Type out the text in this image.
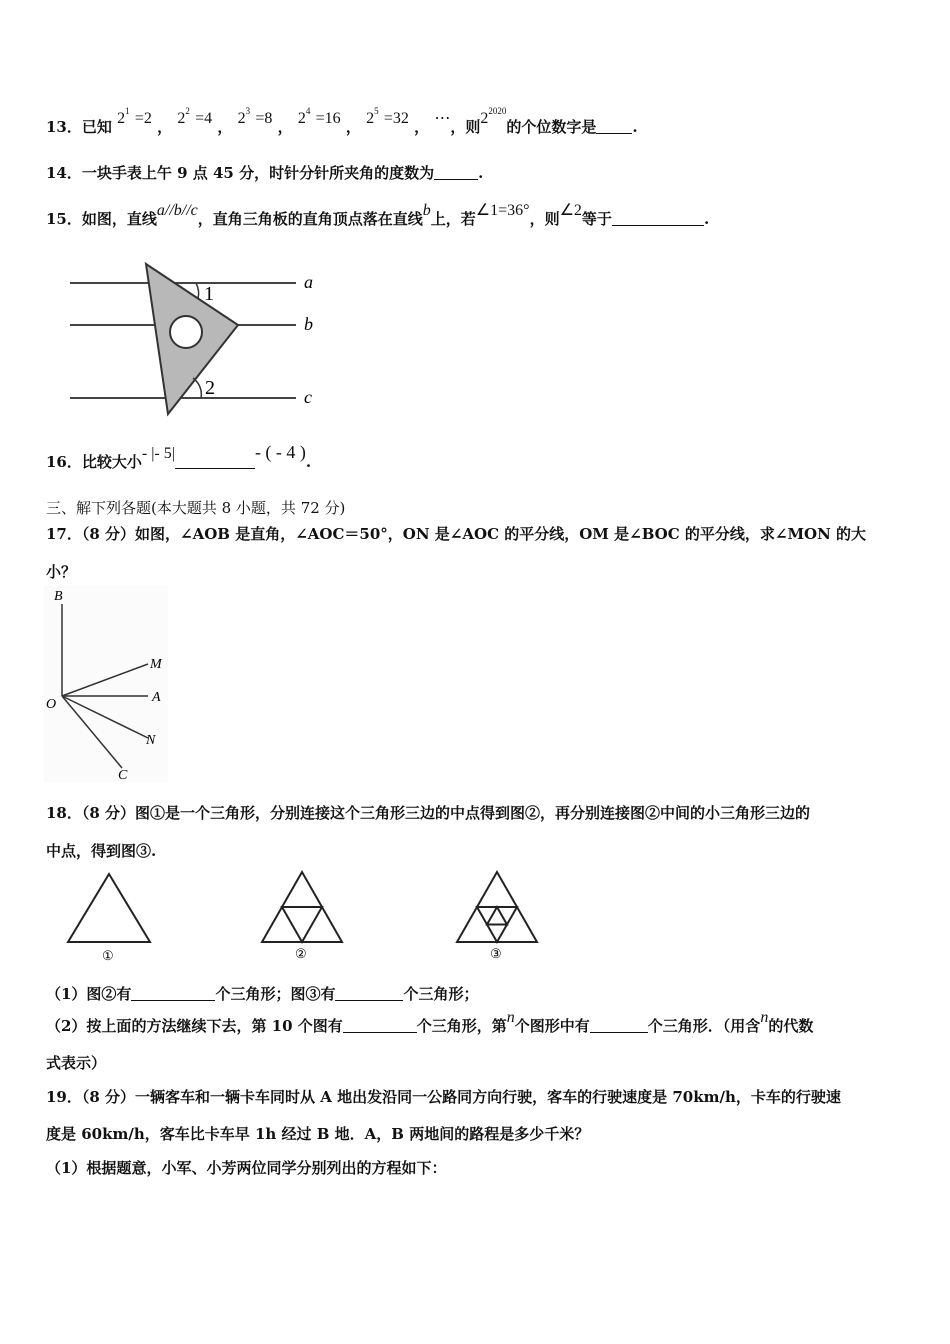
13．已知 $2^1 =2$ ， $2^2 =4$ ， $2^3 =8$ ， $2^4 =16$ ， $2^5 =32$ ， ⋯，则$2^{2020}$的个位数字是 .
14．一块手表上午 9 点 45 分，时针分针所夹角的度数为	.
15．如图，直线a//b//c，直角三角板的直角顶点落在直线b上，若∠1=36°，则∠2等于	.
1
2
a
b
c
16．比较大小- |- 5|	- ( - 4 ).
三、解下列各题(本大题共 8 小题，共 72 分)
17．（8 分）如图，∠AOB 是直角，∠AOC＝50°，ON 是∠AOC 的平分线，OM 是∠BOC 的平分线，求∠MON 的大
小？
B
M
A
O
N
C
18．（8 分）图①是一个三角形，分别连接这个三角形三边的中点得到图②，再分别连接图②中间的小三角形三边的
中点，得到图③.
①	②	③
（1）图②有	个三角形；图③有	个三角形；
（2）按上面的方法继续下去，第 10 个图有	个三角形，第n个图形中有	个三角形．（用含n的代数
式表示）
19．（8 分）一辆客车和一辆卡车同时从 A 地出发沿同一公路同方向行驶，客车的行驶速度是 70km/h，卡车的行驶速
度是 60km/h，客车比卡车早 1h 经过 B 地．A，B 两地间的路程是多少千米？
（1）根据题意，小军、小芳两位同学分别列出的方程如下：
